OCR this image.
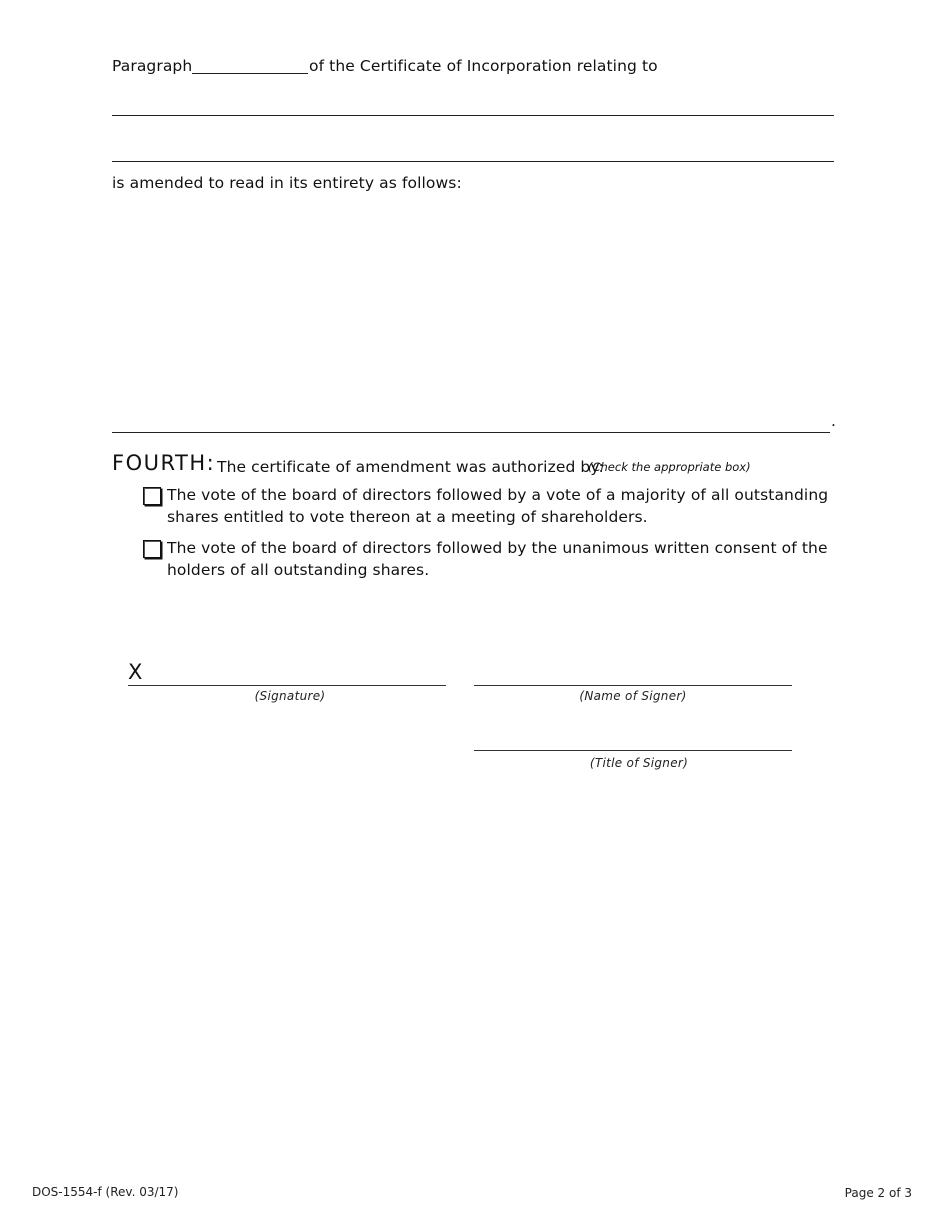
Paragraph	of the Certificate of Incorporation relating to
is amended to read in its entirety as follows:
.
FOURTH: The certificate of amendment was authorized by:
(Check the appropriate box)
The vote of the board of directors followed by a vote of a majority of all outstanding
shares entitled to vote thereon at a meeting of shareholders.
The vote of the board of directors followed by the unanimous written consent of the
holders of all outstanding shares.
X
(Signature)	(Name of Signer)
(Title of Signer)
DOS-1554-f (Rev. 03/17)	Page 2 of 3
